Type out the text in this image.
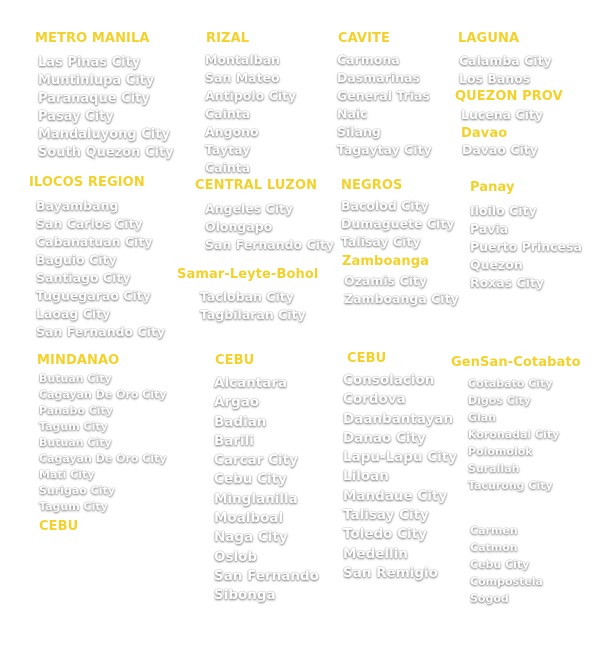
METRO MANILA
Las Pinas City
Muntinlupa City
Paranaque City
Pasay City
Mandaluyong City
South Quezon City
RIZAL
Montalban
San Mateo
Antipolo City
Cainta
Angono
Taytay
Cainta
CAVITE
Carmona
Dasmarinas
General Trias
Naic
Silang
Tagaytay City
LAGUNA
Calamba City
Los Banos
QUEZON PROV
Lucena City
Davao
Davao City
ILOCOS REGION
Bayambang
San Carlos City
Cabanatuan City
Baguio City
Santiago City
Tuguegarao City
Laoag City
San Fernando City
CENTRAL LUZON
Angeles City
Olongapo
San Fernando City
NEGROS
Bacolod City
Dumaguete City
Talisay City
Zamboanga
Ozamis City
Zamboanga City
Panay
Iloilo City
Pavia
Puerto Princesa
Quezon
Roxas City
Samar-Leyte-Bohol
Tacloban City
Tagbilaran City
MINDANAO
Butuan City
Cagayan De Oro City
Panabo City
Tagum City
Butuan City
Cagayan De Oro City
Mati City
Surigao City
Tagum City
CEBU
CEBU
Alcantara
Argao
Badian
Barili
Carcar City
Cebu City
Minglanilla
Moalboal
Naga City
Oslob
San Fernando
Sibonga
CEBU
Consolacion
Cordova
Daanbantayan
Danao City
Lapu-Lapu City
Liloan
Mandaue City
Talisay City
Toledo City
Medellin
San Remigio
GenSan-Cotabato
Cotabato City
Digos City
Glan
Koronadal City
Polomolok
Surallah
Tacurong City
Carmen
Catmon
Cebu City
Compostela
Sogod
